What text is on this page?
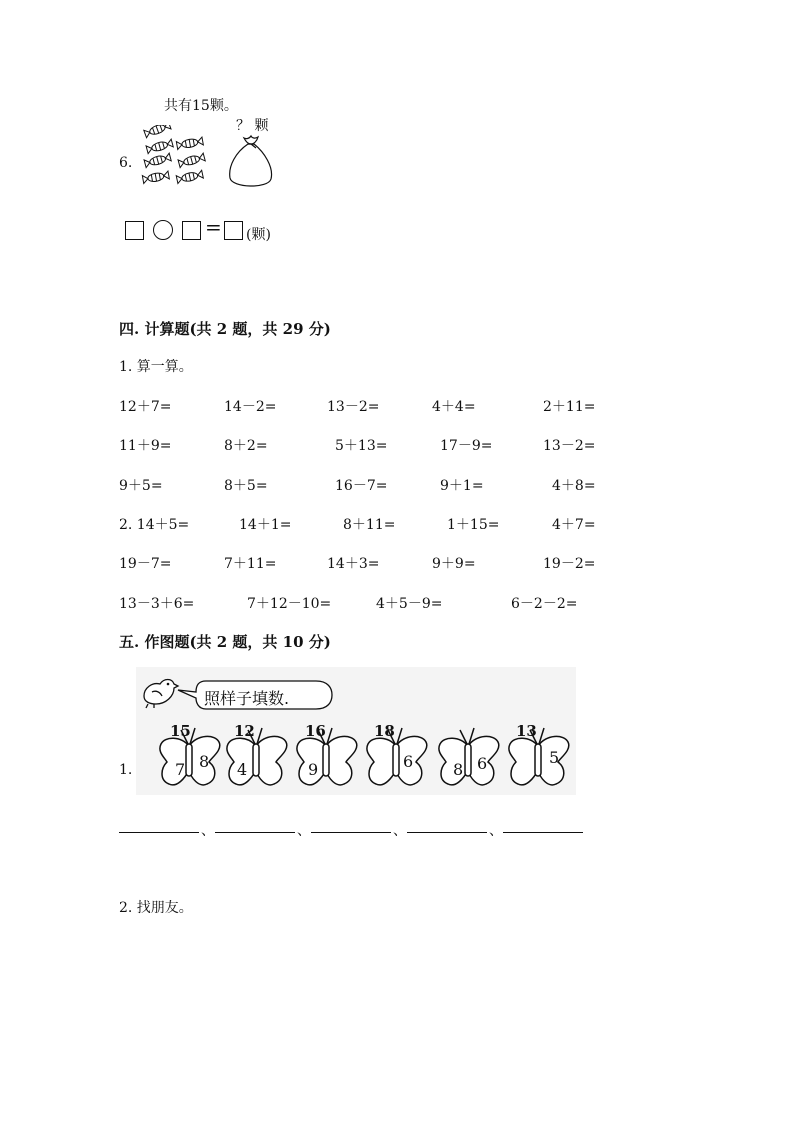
共有15颗。
6.
？ 颗
= (颗)
四. 计算题(共 2 题，共 29 分)
1. 算一算。
12＋7=	14－2=	13－2=	4＋4=	2＋11=
11＋9=	8＋2=	5＋13=	17－9=	13－2=
9＋5=	8＋5=	16－7=	9＋1=	4＋8=
2. 14＋5=	14＋1=	8＋11=	1＋15=	4＋7=
19－7=	7＋11=	14＋3=	9＋9=	19－2=
13－3＋6=	7＋12－10=	4＋5－9=	6－2－2=
五. 作图题(共 2 题，共 10 分)
照样子填数.
1.
15
7 8
12
4
16
9
18
6 8 6
13
5
、	、	、	、
2. 找朋友。
